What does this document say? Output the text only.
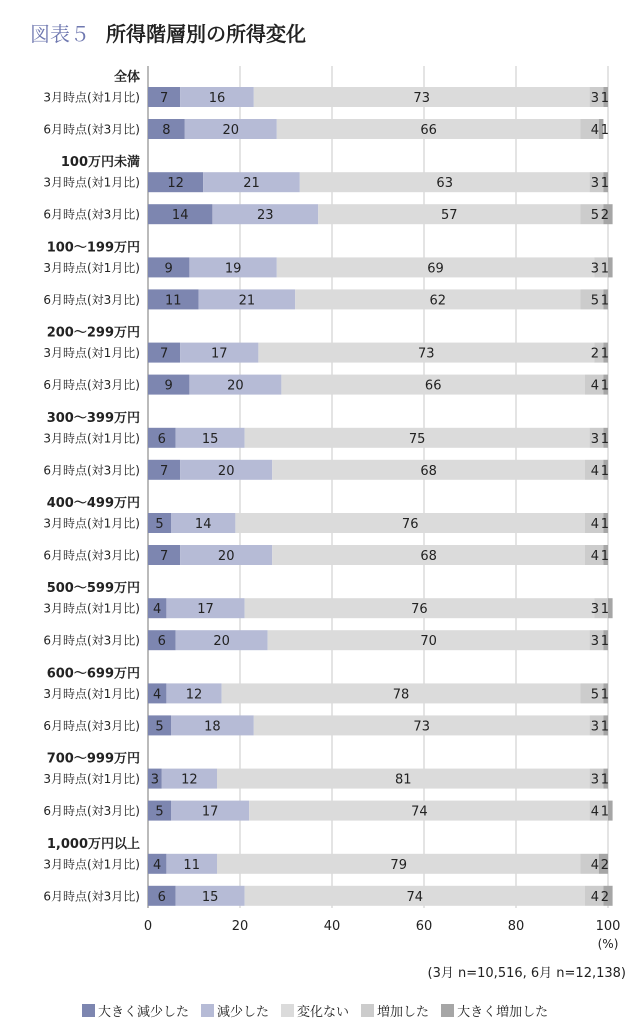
図表５ 所得階層別の所得変化
全体
3月時点(対1月比) 7	16	73	3 1
6月時点(対3月比) 8	20	66	4 1
100万円未満
3月時点(対1月比) 12	21	63	3 1
6月時点(対3月比) 14	23	57	5 2
100～199万円
3月時点(対1月比) 9	19	69	3 1
6月時点(対3月比) 11	21	62	5 1
200～299万円
3月時点(対1月比) 7	17	73	2 1
6月時点(対3月比) 9	20	66	4 1
300～399万円
3月時点(対1月比) 6	15	75	3 1
6月時点(対3月比) 7	20	68	4 1
400～499万円
3月時点(対1月比) 5 14	76	4 1
6月時点(対3月比) 7	20	68	4 1
500～599万円
3月時点(対1月比) 4	17	76	3 1
6月時点(対3月比) 6	20	70	3 1
600～699万円
3月時点(対1月比) 4 12	78	5 1
6月時点(対3月比) 5	18	73	3 1
700～999万円
3月時点(対1月比) 3 12	81	3 1
6月時点(対3月比) 5	17	74	4 1
1,000万円以上
3月時点(対1月比) 4 11	79	4 2
6月時点(対3月比) 6	15	74	4 2
0	20	40	60	80	100
(%)
(3月 n=10,516, 6月 n=12,138)
大きく減少した 減少した 変化ない 増加した 大きく増加した
